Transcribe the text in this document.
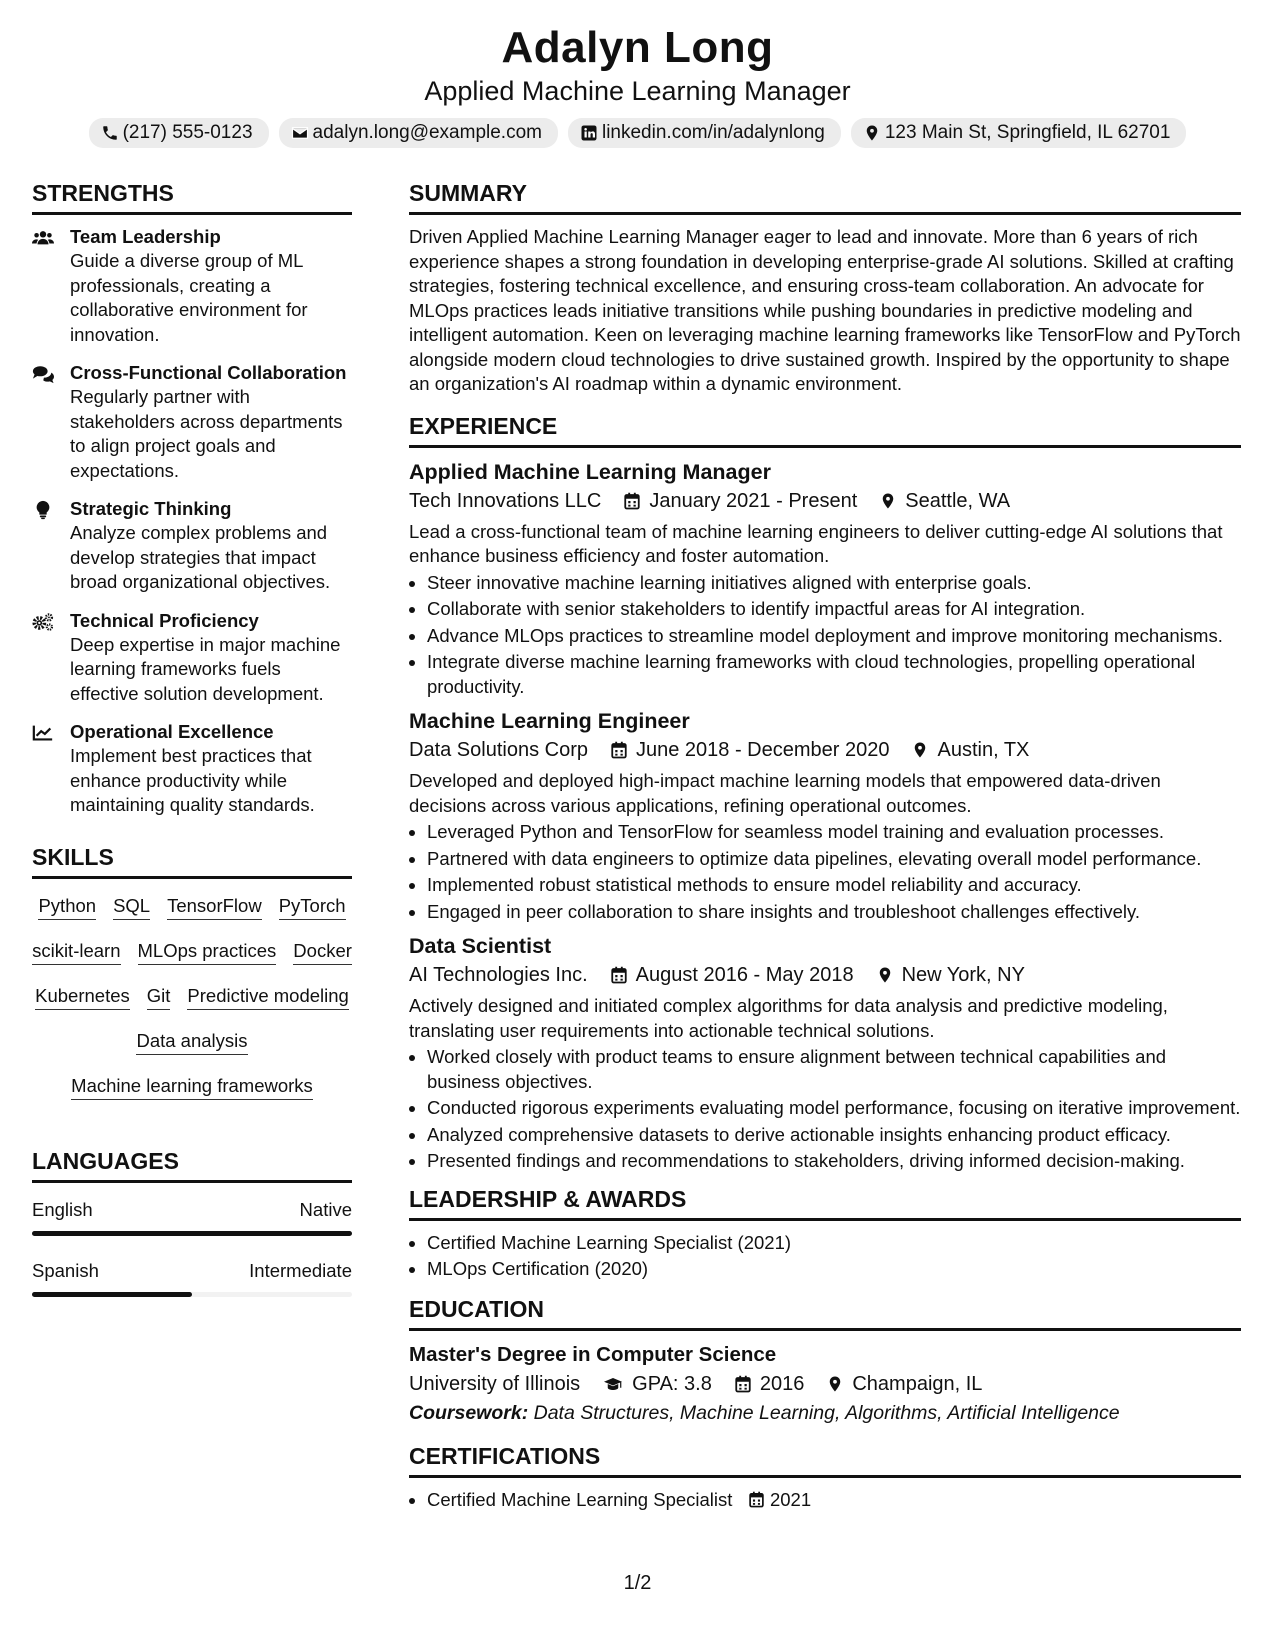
Adalyn Long
Applied Machine Learning Manager
(217) 555-0123	adalyn.long@example.com	linkedin.com/in/adalynlong	123 Main St, Springfield, IL 62701
STRENGTHS
Team Leadership
Guide a diverse group of ML professionals, creating a collaborative environment for innovation.
Cross-Functional Collaboration
Regularly partner with stakeholders across departments to align project goals and expectations.
Strategic Thinking
Analyze complex problems and develop strategies that impact broad organizational objectives.
Technical Proficiency
Deep expertise in major machine learning frameworks fuels effective solution development.
Operational Excellence
Implement best practices that enhance productivity while maintaining quality standards.
SKILLS
Python SQL TensorFlow PyTorch
scikit-learn MLOps practices Docker
Kubernetes Git Predictive modeling
Data analysis
Machine learning frameworks
LANGUAGES
English	Native
Spanish	Intermediate
SUMMARY
Driven Applied Machine Learning Manager eager to lead and innovate. More than 6 years of rich experience shapes a strong foundation in developing enterprise-grade AI solutions. Skilled at crafting strategies, fostering technical excellence, and ensuring cross-team collaboration. An advocate for MLOps practices leads initiative transitions while pushing boundaries in predictive modeling and intelligent automation. Keen on leveraging machine learning frameworks like TensorFlow and PyTorch alongside modern cloud technologies to drive sustained growth. Inspired by the opportunity to shape an organization's AI roadmap within a dynamic environment.
EXPERIENCE
Applied Machine Learning Manager
Tech Innovations LLC January 2021 - Present Seattle, WA
Lead a cross-functional team of machine learning engineers to deliver cutting-edge AI solutions that enhance business efficiency and foster automation.
• Steer innovative machine learning initiatives aligned with enterprise goals.
• Collaborate with senior stakeholders to identify impactful areas for AI integration.
• Advance MLOps practices to streamline model deployment and improve monitoring mechanisms.
• Integrate diverse machine learning frameworks with cloud technologies, propelling operational productivity.
Machine Learning Engineer
Data Solutions Corp June 2018 - December 2020 Austin, TX
Developed and deployed high-impact machine learning models that empowered data-driven decisions across various applications, refining operational outcomes.
• Leveraged Python and TensorFlow for seamless model training and evaluation processes.
• Partnered with data engineers to optimize data pipelines, elevating overall model performance.
• Implemented robust statistical methods to ensure model reliability and accuracy.
• Engaged in peer collaboration to share insights and troubleshoot challenges effectively.
Data Scientist
AI Technologies Inc. August 2016 - May 2018 New York, NY
Actively designed and initiated complex algorithms for data analysis and predictive modeling, translating user requirements into actionable technical solutions.
• Worked closely with product teams to ensure alignment between technical capabilities and business objectives.
• Conducted rigorous experiments evaluating model performance, focusing on iterative improvement.
• Analyzed comprehensive datasets to derive actionable insights enhancing product efficacy.
• Presented findings and recommendations to stakeholders, driving informed decision-making.
LEADERSHIP & AWARDS
• Certified Machine Learning Specialist (2021)
• MLOps Certification (2020)
EDUCATION
Master's Degree in Computer Science
University of Illinois	GPA: 3.8 2016 Champaign, IL
Coursework: Data Structures, Machine Learning, Algorithms, Artificial Intelligence
CERTIFICATIONS
• Certified Machine Learning Specialist 2021
1/2
